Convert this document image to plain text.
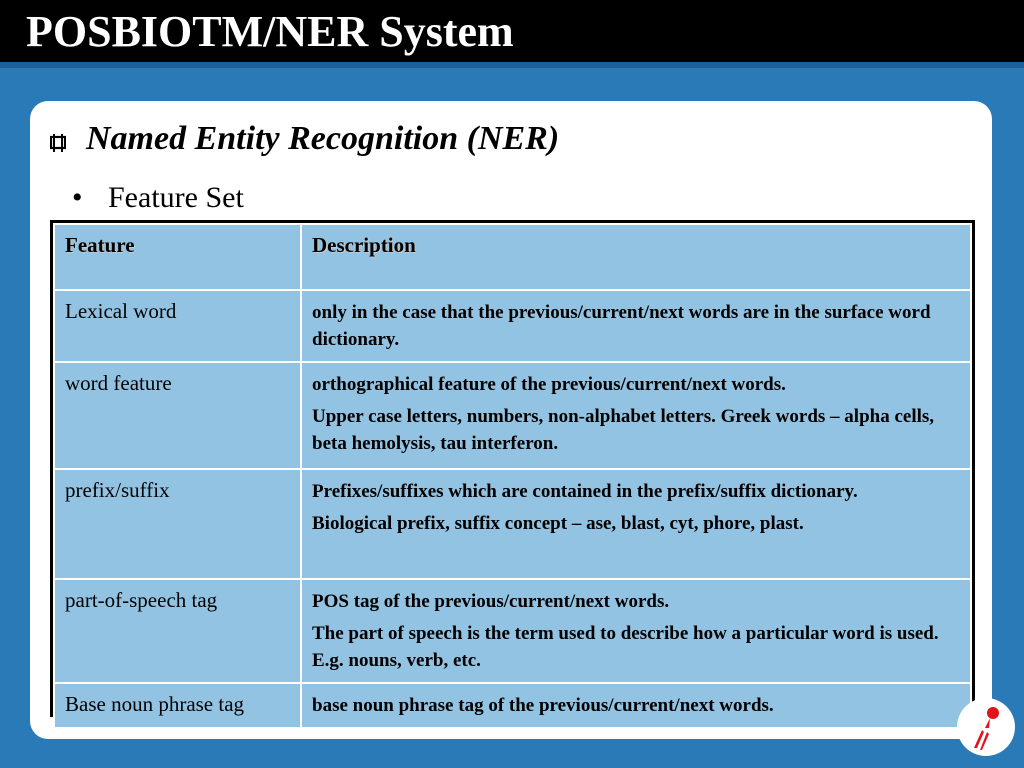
POSBIOTM/NER System
Named Entity Recognition (NER)
• Feature Set
Feature	Description
Lexical word	only in the case that the previous/current/next words are in the surface word dictionary.

word feature	orthographical feature of the previous/current/next words.

Upper case letters, numbers, non-alphabet letters. Greek words – alpha cells, beta hemolysis, tau interferon.

prefix/suffix	Prefixes/suffixes which are contained in the prefix/suffix dictionary.

Biological prefix, suffix concept – ase, blast, cyt, phore, plast.

part-of-speech tag	POS tag of the previous/current/next words.

The part of speech is the term used to describe how a particular word is used. E.g. nouns, verb, etc.

Base noun phrase tag	base noun phrase tag of the previous/current/next words.
